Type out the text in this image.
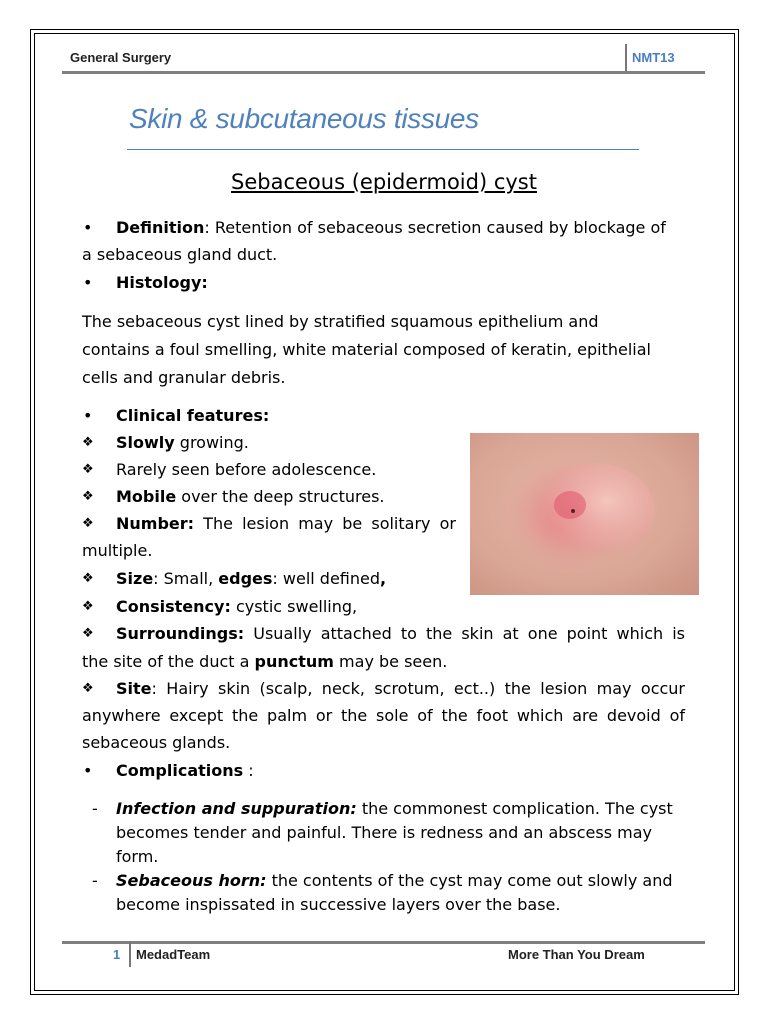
General Surgery	NMT13
Skin & subcutaneous tissues
Sebaceous (epidermoid) cyst
• Definition: Retention of sebaceous secretion caused by blockage of
a sebaceous gland duct.
• Histology:
The sebaceous cyst lined by stratified squamous epithelium and
contains a foul smelling, white material composed of keratin, epithelial
cells and granular debris.
• Clinical features:
❖ Slowly growing.
❖ Rarely seen before adolescence.
❖ Mobile over the deep structures.
❖ Number: The lesion may be solitary or
multiple.
❖ Size: Small, edges: well defined,
❖ Consistency: cystic swelling,
❖ Surroundings: Usually attached to the skin at one point which is
the site of the duct a punctum may be seen.
❖ Site: Hairy skin (scalp, neck, scrotum, ect..) the lesion may occur
anywhere except the palm or the sole of the foot which are devoid of
sebaceous glands.
• Complications :
- Infection and suppuration: the commonest complication. The cyst
becomes tender and painful. There is redness and an abscess may
form.
- Sebaceous horn: the contents of the cyst may come out slowly and
become inspissated in successive layers over the base.
1 MedadTeam	More Than You Dream
